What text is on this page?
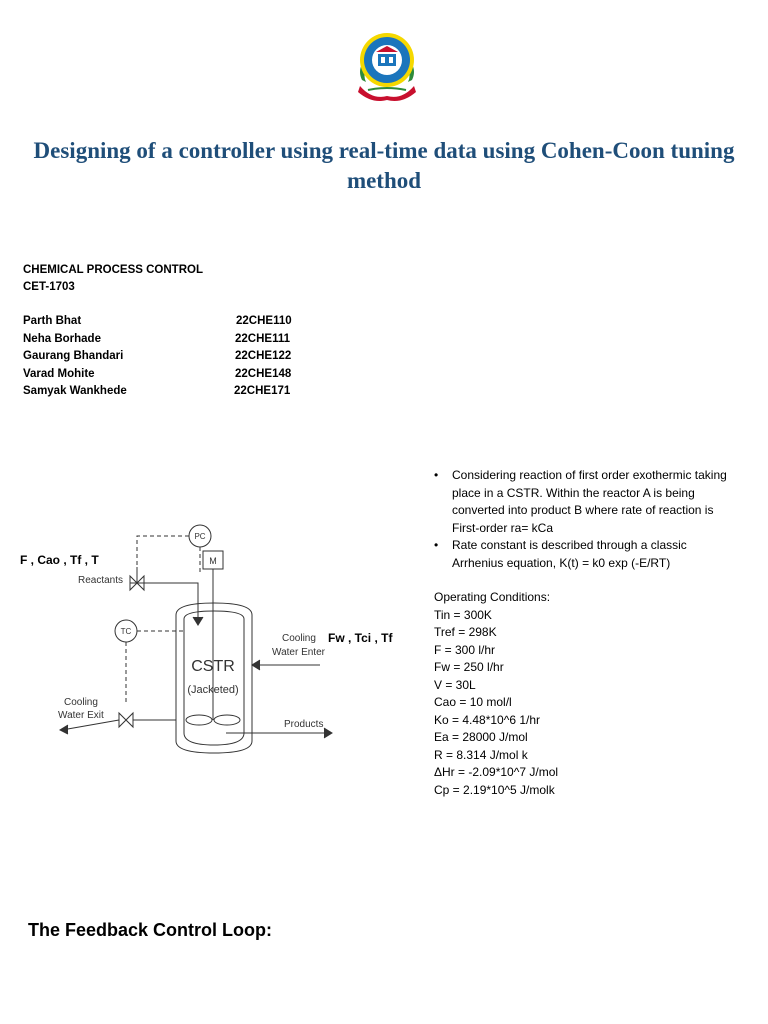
Designing of a controller using real-time data using Cohen-Coon tuning method
CHEMICAL PROCESS CONTROL
CET-1703
Parth Bhat	22CHE110
Neha Borhade	22CHE111
Gaurang Bhandari	22CHE122
Varad Mohite	22CHE148
Samyak Wankhede	22CHE171
PC
M
Reactants
CSTR
(Jacketed)
TC
Cooling
Water Exit
Cooling
Water Enter
Products
F , Cao , Tf , T
Fw , Tci , Tf
• Considering reaction of first order exothermic taking place in a CSTR. Within the reactor A is being converted into product B where rate of reaction is First-order ra= kCa
• Rate constant is described through a classic Arrhenius equation, K(t) = k0 exp (-E/RT)
Operating Conditions:
Tin = 300K
Tref = 298K
F = 300 l/hr
Fw = 250 l/hr
V = 30L
Cao = 10 mol/l
Ko = 4.48*10^6 1/hr
Ea = 28000 J/mol
R = 8.314 J/mol k
ΔHr = -2.09*10^7 J/mol
Cp = 2.19*10^5 J/molk
The Feedback Control Loop:
